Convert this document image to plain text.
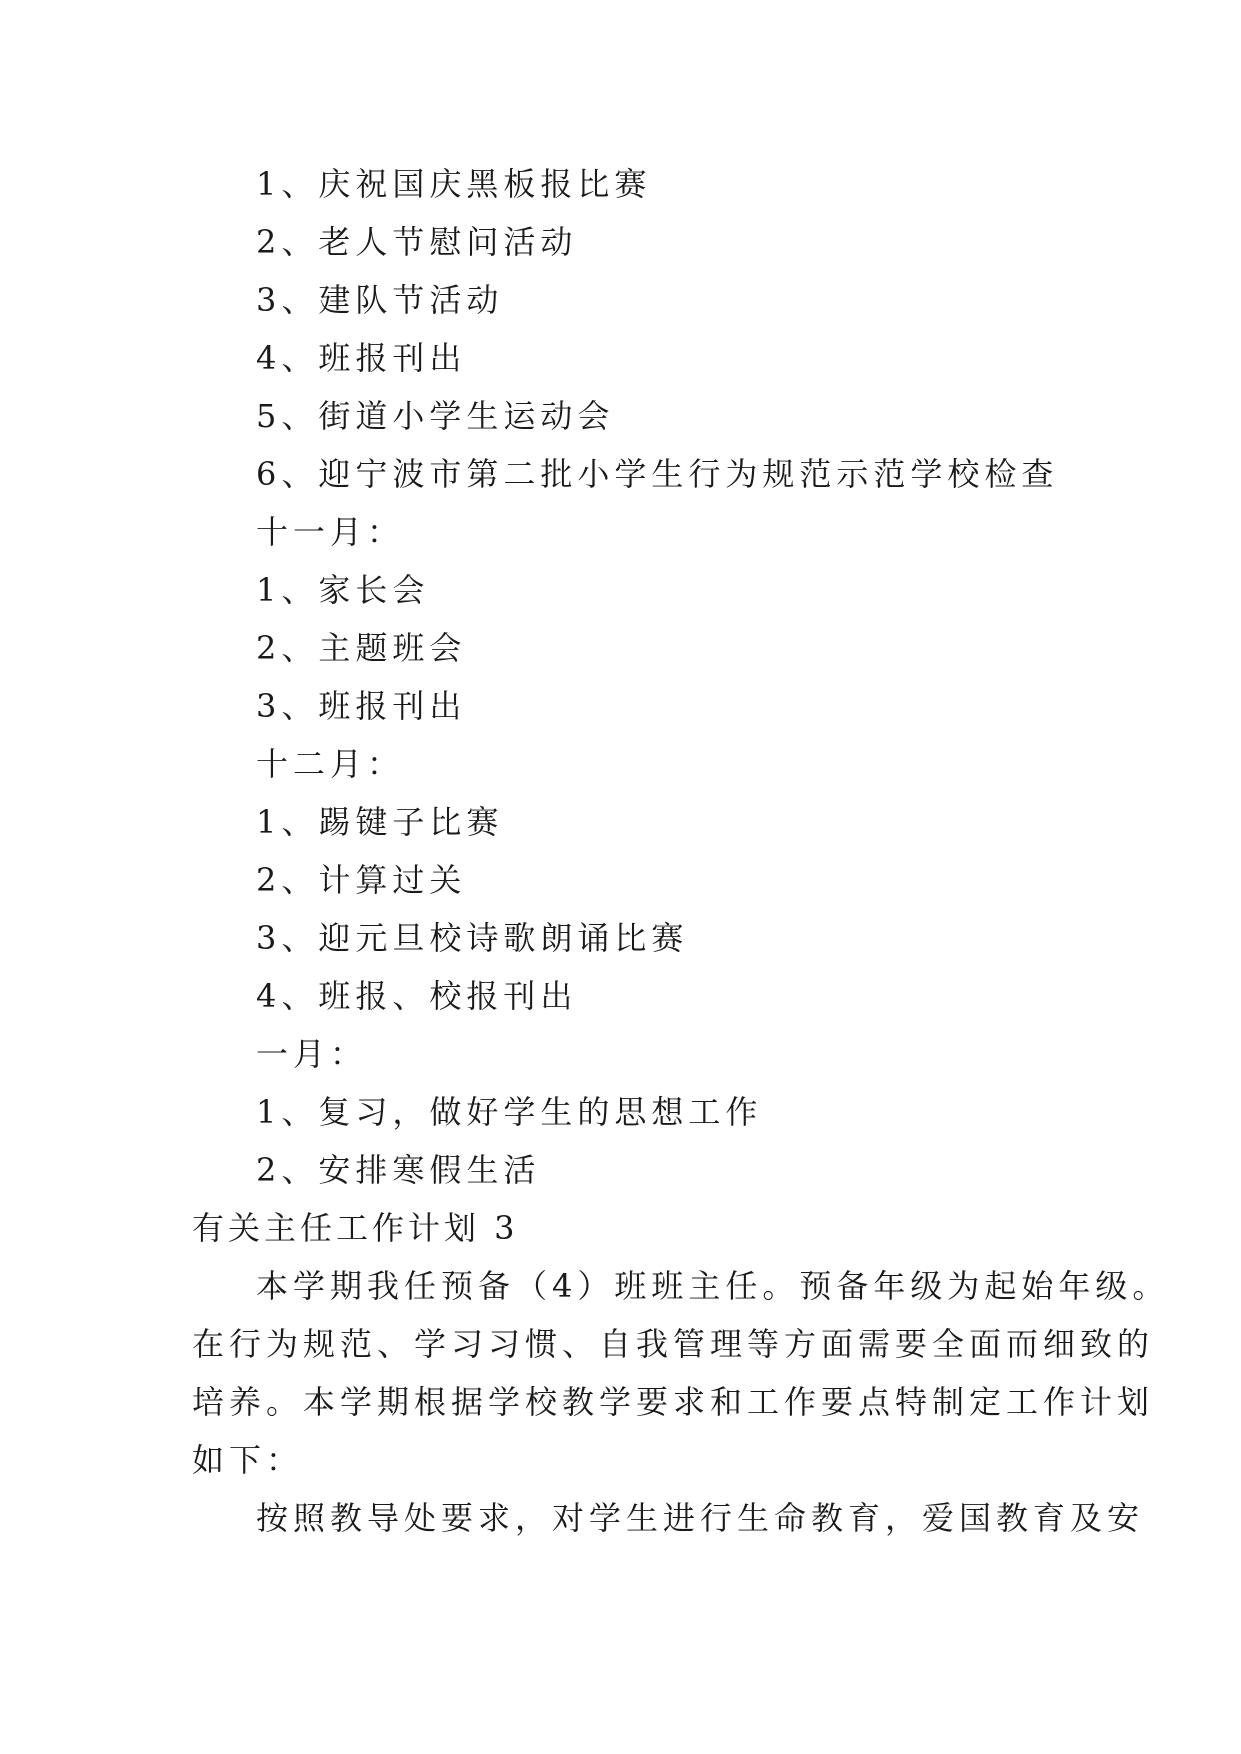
1、庆祝国庆黑板报比赛
2、老人节慰问活动
3、建队节活动
4、班报刊出
5、街道小学生运动会
6、迎宁波市第二批小学生行为规范示范学校检查
十一月：
1、家长会
2、主题班会
3、班报刊出
十二月：
1、踢键子比赛
2、计算过关
3、迎元旦校诗歌朗诵比赛
4、班报、校报刊出
一月：
1、复习，做好学生的思想工作
2、安排寒假生活
有关主任工作计划 3
本学期我任预备（4）班班主任。预备年级为起始年级。
在行为规范、学习习惯、自我管理等方面需要全面而细致的
培养。本学期根据学校教学要求和工作要点特制定工作计划
如下：
按照教导处要求，对学生进行生命教育，爱国教育及安
